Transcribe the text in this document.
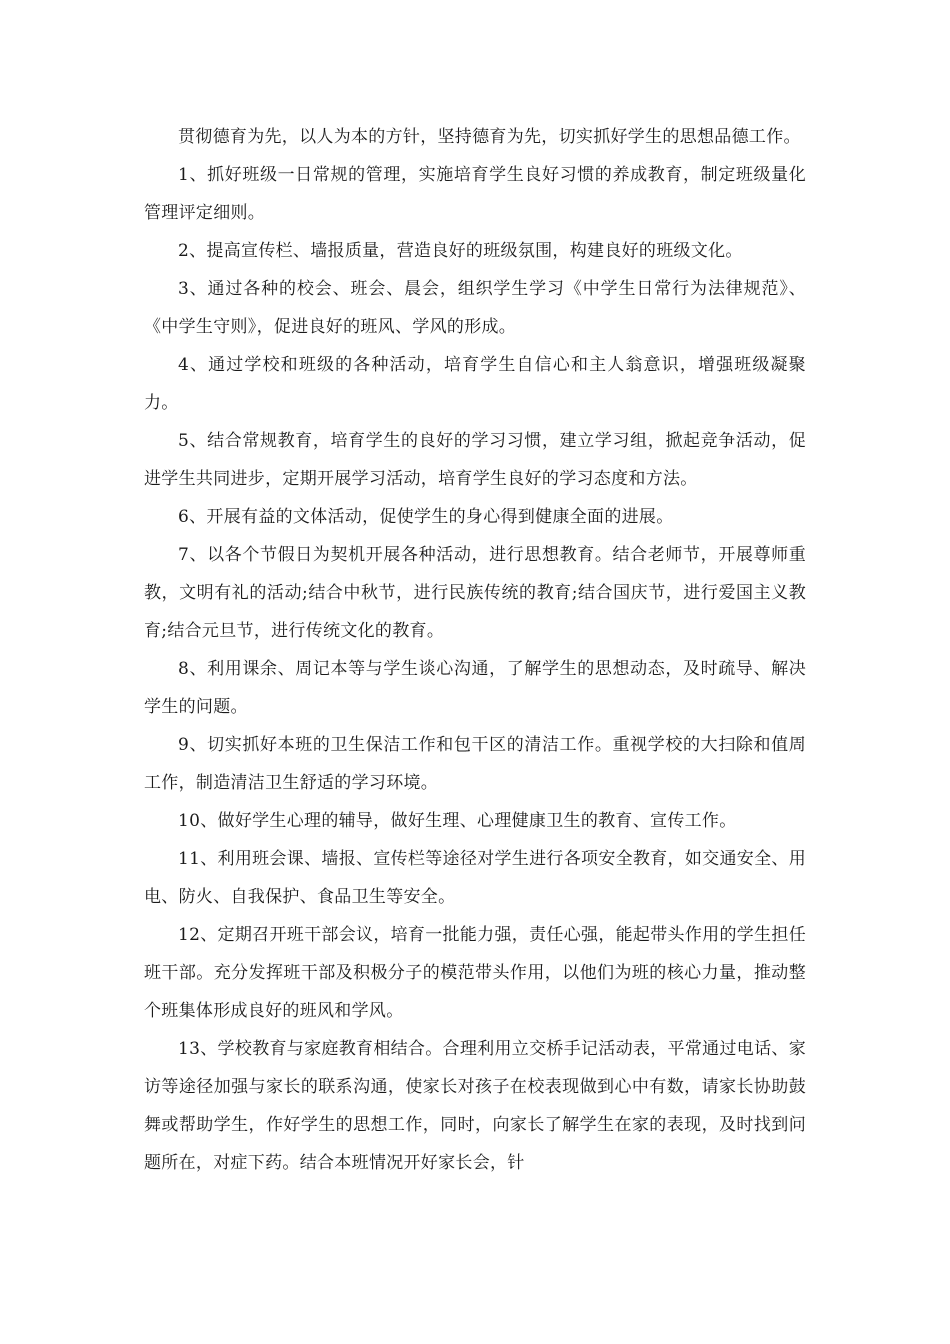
贯彻德育为先，以人为本的方针，坚持德育为先，切实抓好学生的思想品德工作。

1、抓好班级一日常规的管理，实施培育学生良好习惯的养成教育，制定班级量化管理评定细则。

2、提高宣传栏、墙报质量，营造良好的班级氛围，构建良好的班级文化。

3、通过各种的校会、班会、晨会，组织学生学习《中学生日常行为法律规范》、《中学生守则》，促进良好的班风、学风的形成。

4、通过学校和班级的各种活动，培育学生自信心和主人翁意识，增强班级凝聚力。

5、结合常规教育，培育学生的良好的学习习惯，建立学习组，掀起竞争活动，促进学生共同进步，定期开展学习活动，培育学生良好的学习态度和方法。

6、开展有益的文体活动，促使学生的身心得到健康全面的进展。

7、以各个节假日为契机开展各种活动，进行思想教育。结合老师节，开展尊师重教，文明有礼的活动;结合中秋节，进行民族传统的教育;结合国庆节，进行爱国主义教育;结合元旦节，进行传统文化的教育。

8、利用课余、周记本等与学生谈心沟通，了解学生的思想动态，及时疏导、解决学生的问题。

9、切实抓好本班的卫生保洁工作和包干区的清洁工作。重视学校的大扫除和值周工作，制造清洁卫生舒适的学习环境。

10、做好学生心理的辅导，做好生理、心理健康卫生的教育、宣传工作。

11、利用班会课、墙报、宣传栏等途径对学生进行各项安全教育，如交通安全、用电、防火、自我保护、食品卫生等安全。

12、定期召开班干部会议，培育一批能力强，责任心强，能起带头作用的学生担任班干部。充分发挥班干部及积极分子的模范带头作用，以他们为班的核心力量，推动整个班集体形成良好的班风和学风。

13、学校教育与家庭教育相结合。合理利用立交桥手记活动表，平常通过电话、家访等途径加强与家长的联系沟通，使家长对孩子在校表现做到心中有数，请家长协助鼓舞或帮助学生，作好学生的思想工作，同时，向家长了解学生在家的表现，及时找到问题所在，对症下药。结合本班情况开好家长会，针
